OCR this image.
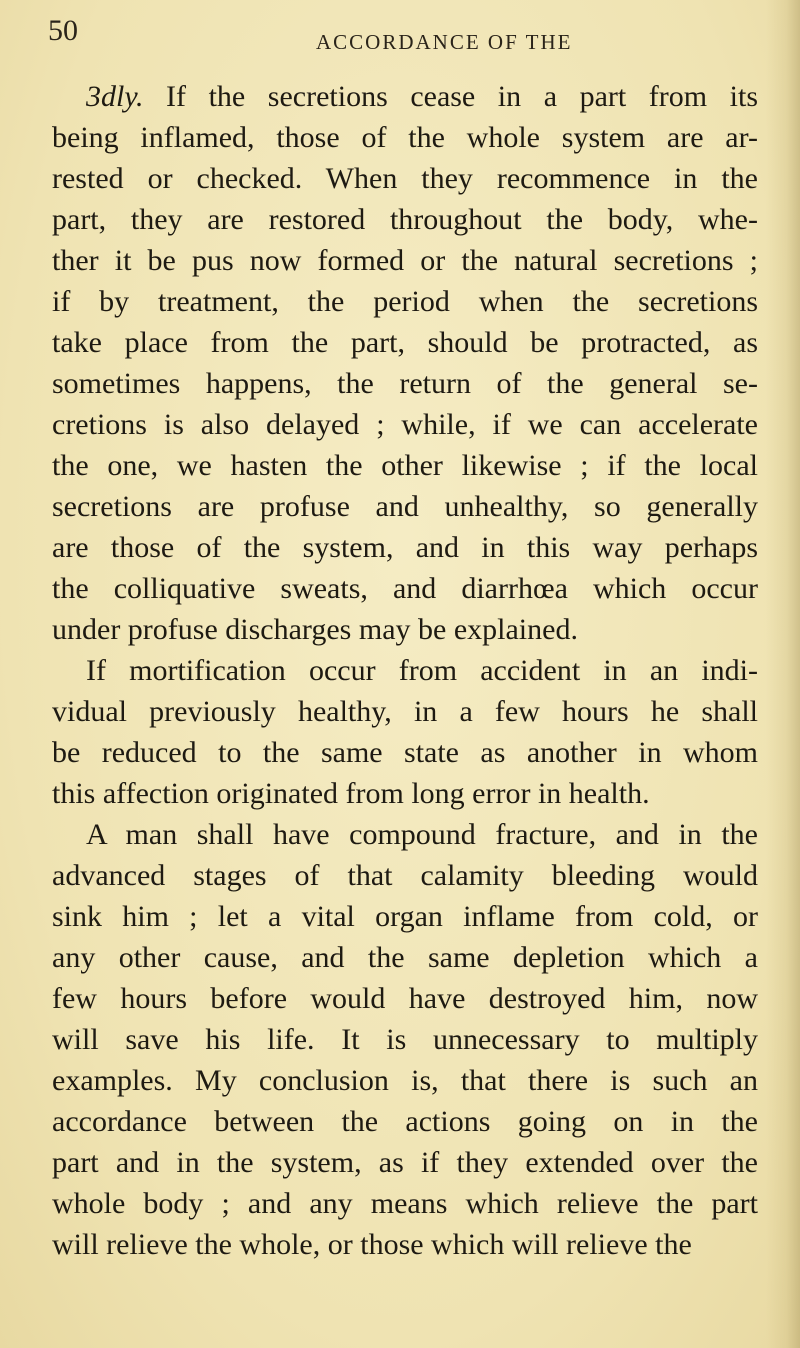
50	ACCORDANCE OF THE
3dly. If the secretions cease in a part from its
being inflamed, those of the whole system are ar-
rested or checked. When they recommence in the
part, they are restored throughout the body, whe-
ther it be pus now formed or the natural secretions ;
if by treatment, the period when the secretions
take place from the part, should be protracted, as
sometimes happens, the return of the general se-
cretions is also delayed ; while, if we can accelerate
the one, we hasten the other likewise ; if the local
secretions are profuse and unhealthy, so generally
are those of the system, and in this way perhaps
the colliquative sweats, and diarrhœa which occur
under profuse discharges may be explained.
If mortification occur from accident in an indi-
vidual previously healthy, in a few hours he shall
be reduced to the same state as another in whom
this affection originated from long error in health.
A man shall have compound fracture, and in the
advanced stages of that calamity bleeding would
sink him ; let a vital organ inflame from cold, or
any other cause, and the same depletion which a
few hours before would have destroyed him, now
will save his life. It is unnecessary to multiply
examples. My conclusion is, that there is such an
accordance between the actions going on in the
part and in the system, as if they extended over the
whole body ; and any means which relieve the part
will relieve the whole, or those which will relieve the
